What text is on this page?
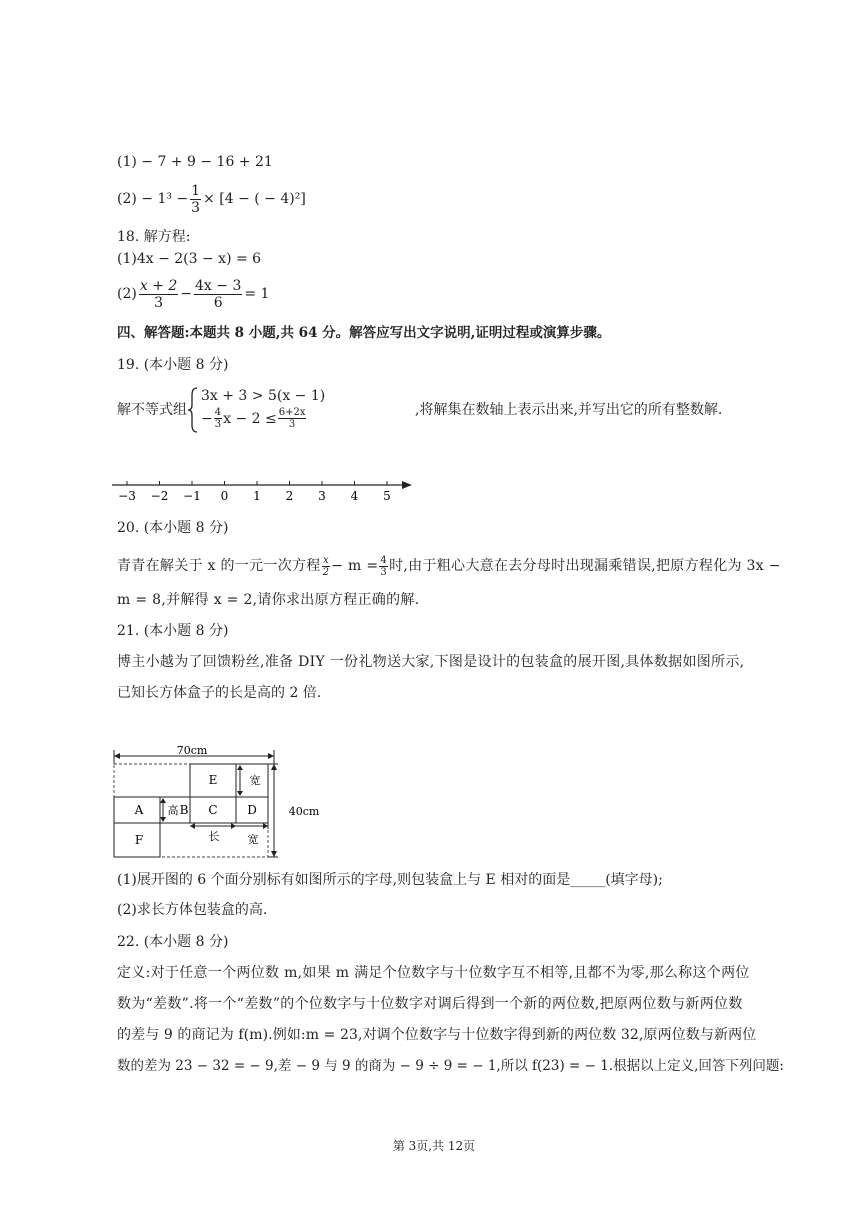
(1) − 7 + 9 − 16 + 21
$(2) - 1^3 - \frac{1}{3} \times [4$ − ( − 4)²]
18. 解方程:
(1)4x − 2(3 − x) = 6
$(2) \frac{x + 2}{3} - \frac{4x - 3}{6} = 1$
四、解答题:本题共 8 小题,共 64 分。解答应写出文字说明,证明过程或演算步骤。
19. (本小题 8 分)
解不等式组
3x + 3 > 5(x − 1)
− $\frac{4}{3}$ $x - 2 \le \frac{6+2x}{3}$	,将解集在数轴上表示出来,并写出它的所有整数解.
−3 −2 −1 0 1 2 3 4 5
20. (本小题 8 分)
青青在解关于 x 的一元一次方程 $\frac{x}{2} - m = \frac{4}{3}$ 时,由于粗心大意在去分母时出现漏乘错误,把原方程化为 3x −
m = 8,并解得 x = 2,请你求出原方程正确的解.
21. (本小题 8 分)
博主小越为了回馈粉丝,准备 DIY 一份礼物送大家,下图是设计的包装盒的展开图,具体数据如图所示,
已知长方体盒子的长是高的 2 倍.
70cm
E
A	B C D
F
高
宽
长	宽
40cm
(1)展开图的 6 个面分别标有如图所示的字母,则包装盒上与 E 相对的面是_____(填字母);
(2)求长方体包装盒的高.
22. (本小题 8 分)
定义:对于任意一个两位数 m,如果 m 满足个位数字与十位数字互不相等,且都不为零,那么称这个两位
数为“差数”.将一个“差数”的个位数字与十位数字对调后得到一个新的两位数,把原两位数与新两位数
的差与 9 的商记为 f(m).例如:m = 23,对调个位数字与十位数字得到新的两位数 32,原两位数与新两位
数的差为 23 − 32 = − 9,差 − 9 与 9 的商为 − 9 ÷ 9 = − 1,所以 f(23) = − 1.根据以上定义,回答下列问题:
第 3页,共 12页
